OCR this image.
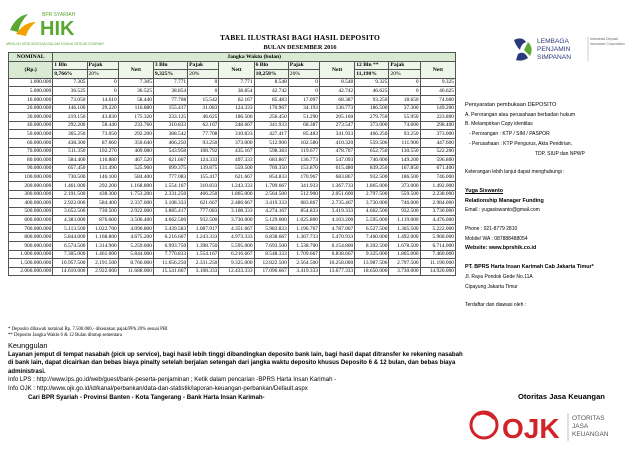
BPR SYARIAH
HIK
MENUJU KESUKSESAN DALAM USAHA SESUAI SYARIAH	LEMBAGA
PENJAMIN
SIMPANAN
Indonesia Deposit Insurance Corporation
TABEL ILUSTRASI BAGI HASIL DEPOSITO
BULAN DESEMBER 2016
NOMINAL	Jangka Waktu (bulan)											
(Rp.)	1 Bln	Pajak	Nett	3 Bln	Pajak	Nett	6 Bln	Pajak	Nett	12 Bln **	Pajak	Nett
	8,766%	20%		9,325%	20%		10,258%	20%		11,190%	20%	
1.000.000	7.305	0	7.305	7.771	0	7.771	8.548	0	8.548	9.325	0	9.325
5.000.000	36.525	0	36.525	38.854	0	38.854	42.742	0	42.742	46.625	0	46.625
10.000.000	73.050	14.610	58.440	77.708	15.542	62.167	85.483	17.097	68.387	93.250	18.650	74.600
20.000.000	146.100	29.220	116.880	155.417	31.083	124.333	170.967	34.193	136.773	186.500	37.300	149.200
30.000.000	219.150	43.830	175.320	233.125	46.625	186.500	256.450	51.290	205.160	279.750	55.950	223.800
40.000.000	292.200	58.440	233.760	310.833	62.167	248.667	341.933	68.387	273.547	373.000	74.600	298.400
50.000.000	365.250	73.050	292.200	388.542	77.708	310.833	427.417	85.483	341.933	466.250	93.250	373.000
60.000.000	438.300	87.660	350.640	466.250	93.250	373.000	512.900	102.580	410.320	559.500	111.900	447.600
70.000.000	511.350	102.270	409.080	543.958	108.792	435.167	598.383	119.677	478.707	652.750	130.550	522.200
80.000.000	584.400	116.880	467.520	621.667	124.333	497.333	683.867	136.773	547.093	746.000	149.200	596.800
90.000.000	657.450	131.490	525.960	699.375	139.875	559.500	769.350	153.870	615.480	839.250	167.850	671.400
100.000.000	730.500	146.100	584.400	777.083	155.417	621.667	854.833	170.967	683.867	932.500	186.500	746.000
200.000.000	1.461.000	292.200	1.168.800	1.554.167	310.833	1.243.333	1.709.667	341.933	1.367.733	1.865.000	373.000	1.492.000
300.000.000	2.191.500	438.300	1.753.200	2.331.250	466.250	1.865.000	2.564.500	512.900	2.051.600	2.797.500	559.500	2.238.000
400.000.000	2.922.000	584.400	2.337.600	3.108.333	621.667	2.486.667	3.419.333	683.867	2.735.467	3.730.000	746.000	2.984.000
500.000.000	3.652.500	730.500	2.922.000	3.885.417	777.083	3.108.333	4.274.167	854.833	3.419.333	4.662.500	932.500	3.730.000
600.000.000	4.383.000	876.600	3.506.400	4.662.500	932.500	3.730.000	5.129.000	1.025.800	4.103.200	5.595.000	1.119.000	4.476.000
700.000.000	5.113.500	1.022.700	4.090.800	5.439.583	1.087.917	4.351.667	5.983.833	1.196.767	4.787.067	6.527.500	1.305.500	5.222.000
800.000.000	5.844.000	1.168.800	4.675.200	6.216.667	1.243.333	4.973.333	6.838.667	1.367.733	5.470.933	7.460.000	1.492.000	5.968.000
900.000.000	6.574.500	1.314.900	5.259.600	6.993.750	1.398.750	5.595.000	7.693.500	1.538.700	6.154.800	8.392.500	1.678.500	6.714.000
1.000.000.000	7.305.000	1.461.000	5.844.000	7.770.833	1.554.167	6.216.667	8.548.333	1.709.667	6.838.667	9.325.000	1.865.000	7.460.000
1.500.000.000	10.957.500	2.191.500	8.766.000	11.656.250	2.331.250	9.325.000	12.822.500	2.564.500	10.258.000	13.987.500	2.797.500	11.190.000
2.000.000.000	14.610.000	2.922.000	11.688.000	15.541.667	3.108.333	12.433.333	17.096.667	3.419.333	13.677.333	18.650.000	3.730.000	14.920.000
* Deposito dibawah nominal Rp. 7.500.000,- dikenakan pajak/PPh 20% sesuai PBI
** Deposito Jangka Waktu 6 & 12 Bulan ditutup sementara
Keunggulan
Layanan jemput di tempat nasabah (pick up service), bagi hasil lebih tinggi dibandingkan deposito bank lain, bagi hasil dapat ditransfer ke rekening nasabah di bank lain, dapat dicairkan dan bebas biaya pinalty setelah berjalan setengah dari jangka waktu deposito khusus Deposito 6 & 12 bulan, dan bebas biaya administrasi.
Info LPS : http://www.lps.go.id/web/guest/bank-peserta-penjaminan ; Ketik dalam pencarian -BPRS Harta Insan Karimah -
Info OJK : http://www.ojk.go.id/id/kanal/perbankan/data-dan-statistik/laporan-keuangan-perbankan/Default.aspx
Cari BPR Syariah - Provinsi Banten - Kota Tangerang - Bank Harta Insan Karimah-
Persyaratan pembukaan DEPOSITO
A. Perorangan atau perusahaan berbadan hukum
B. Melampirkan Copy identitas
- Perorangan : KTP / SIM / PASPOR
- Perusahaan : KTP Pengurus, Akta Pendirian,
TDP, SIUP dan NPWP
Keterangan lebih lanjut dapat menghubungi :
Yuga Siswanto
Relationship Manager Funding
Email : yugasiswanto@gmail.com
Phone : 021-8779 2810
Mobile/ WA : 087888488054
Website: www.bprshik.co.id
PT. BPRS Harta Insan Karimah Cab Jakarta Timur*
Jl. Raya Pondok Gede No.11A
Cipayung Jakarta Timur
Terdaftar dan diawasi oleh :
Otoritas Jasa Keuangan
OJK OTORITAS
JASA
KEUANGAN
